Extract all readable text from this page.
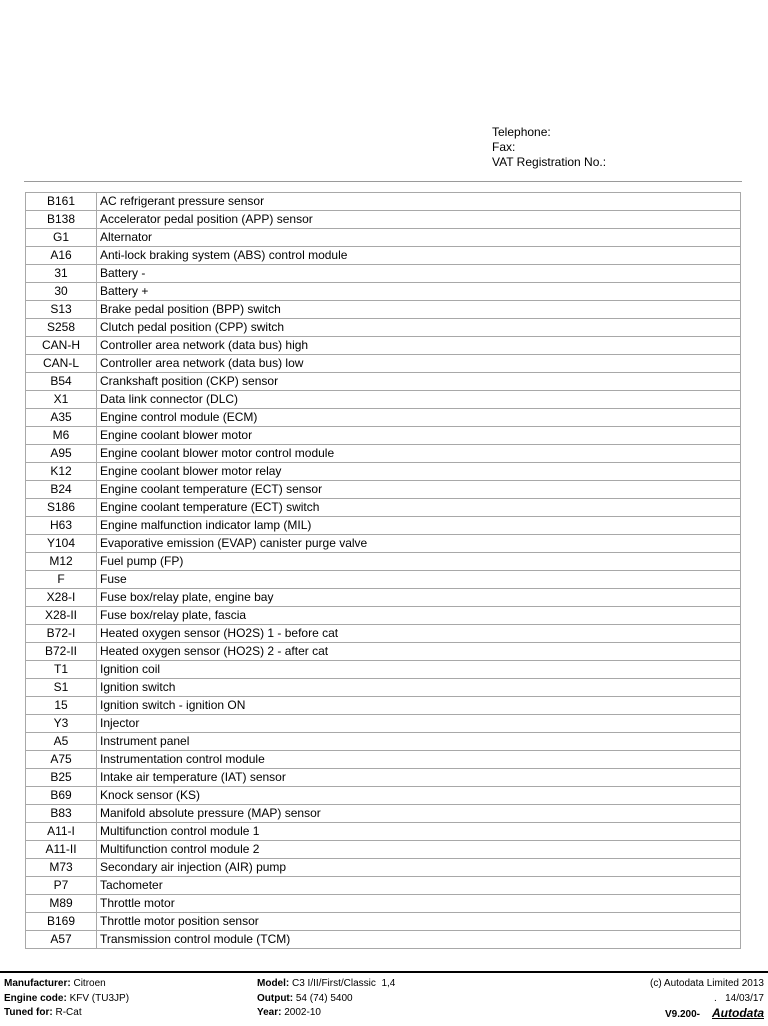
Telephone:
Fax:
VAT Registration No.:
B161	AC refrigerant pressure sensor
B138	Accelerator pedal position (APP) sensor
G1	Alternator
A16	Anti-lock braking system (ABS) control module
31	Battery -
30	Battery +
S13	Brake pedal position (BPP) switch
S258	Clutch pedal position (CPP) switch
CAN-H	Controller area network (data bus) high
CAN-L	Controller area network (data bus) low
B54	Crankshaft position (CKP) sensor
X1	Data link connector (DLC)
A35	Engine control module (ECM)
M6	Engine coolant blower motor
A95	Engine coolant blower motor control module
K12	Engine coolant blower motor relay
B24	Engine coolant temperature (ECT) sensor
S186	Engine coolant temperature (ECT) switch
H63	Engine malfunction indicator lamp (MIL)
Y104	Evaporative emission (EVAP) canister purge valve
M12	Fuel pump (FP)
F	Fuse
X28-I	Fuse box/relay plate, engine bay
X28-II	Fuse box/relay plate, fascia
B72-I	Heated oxygen sensor (HO2S) 1 - before cat
B72-II	Heated oxygen sensor (HO2S) 2 - after cat
T1	Ignition coil
S1	Ignition switch
15	Ignition switch - ignition ON
Y3	Injector
A5	Instrument panel
A75	Instrumentation control module
B25	Intake air temperature (IAT) sensor
B69	Knock sensor (KS)
B83	Manifold absolute pressure (MAP) sensor
A11-I	Multifunction control module 1
A11-II	Multifunction control module 2
M73	Secondary air injection (AIR) pump
P7	Tachometer
M89	Throttle motor
B169	Throttle motor position sensor
A57	Transmission control module (TCM)
Manufacturer: Citroen
Engine code: KFV (TU3JP)
Tuned for: R-Cat
Model: C3 I/II/First/Classic  1,4
Output: 54 (74) 5400
Year: 2002-10
(c) Autodata Limited 2013
.   14/03/17
V9.200- Autodata
